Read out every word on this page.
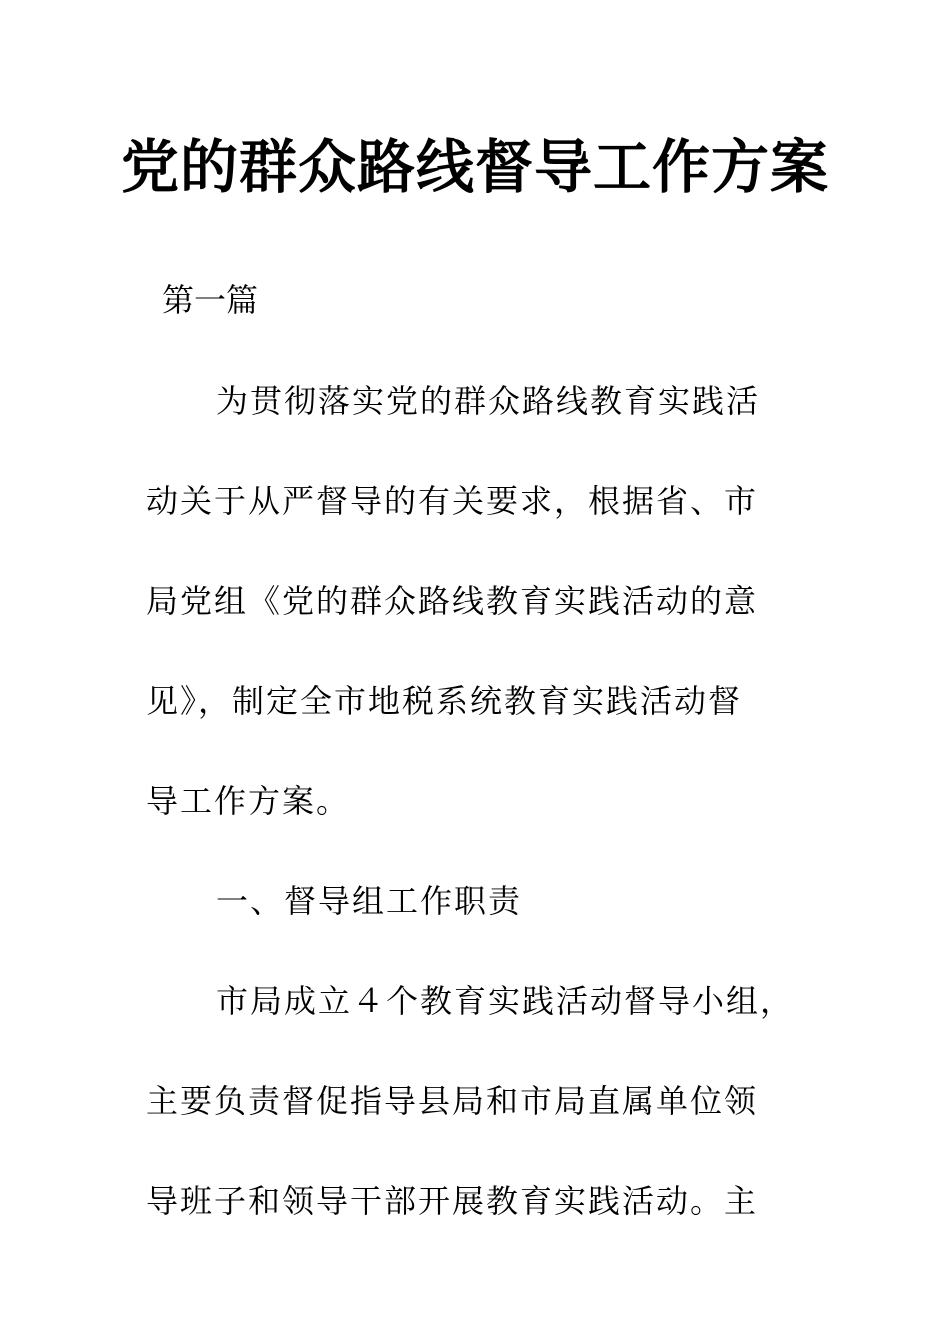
党的群众路线督导工作方案

第一篇

为贯彻落实党的群众路线教育实践活

动关于从严督导的有关要求，根据省、市

局党组《党的群众路线教育实践活动的意

见》，制定全市地税系统教育实践活动督

导工作方案。

一、督导组工作职责

市局成立４个教育实践活动督导小组，

主要负责督促指导县局和市局直属单位领

导班子和领导干部开展教育实践活动。主
